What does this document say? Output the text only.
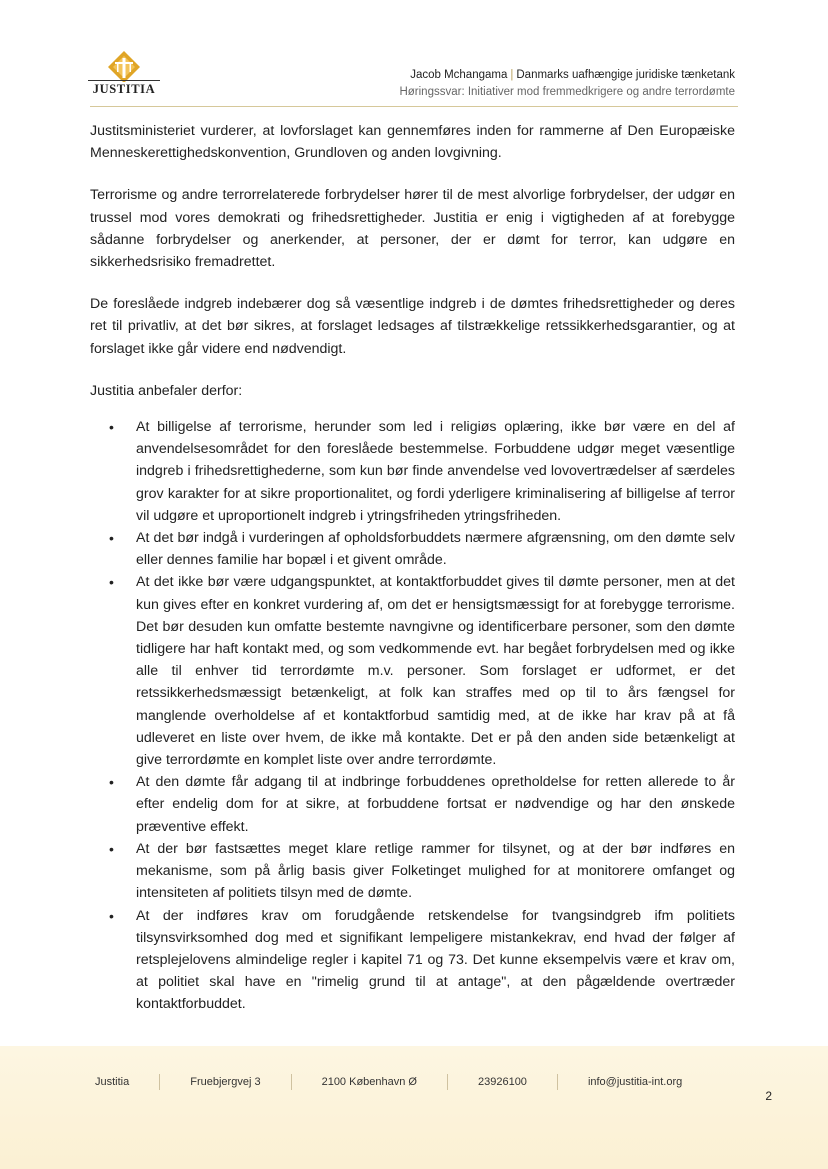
JUSTITIA
Jacob Mchangama | Danmarks uafhængige juridiske tænketank
Høringssvar: Initiativer mod fremmedkrigere og andre terrordømte

Justitsministeriet vurderer, at lovforslaget kan gennemføres inden for rammerne af Den Europæiske Menneskerettighedskonvention, Grundloven og anden lovgivning.

Terrorisme og andre terrorrelaterede forbrydelser hører til de mest alvorlige forbrydelser, der udgør en trussel mod vores demokrati og frihedsrettigheder. Justitia er enig i vigtigheden af at forebygge sådanne forbrydelser og anerkender, at personer, der er dømt for terror, kan udgøre en sikkerhedsrisiko fremadrettet.

De foreslåede indgreb indebærer dog så væsentlige indgreb i de dømtes frihedsrettigheder og deres ret til privatliv, at det bør sikres, at forslaget ledsages af tilstrækkelige retssikkerhedsgarantier, og at forslaget ikke går videre end nødvendigt.

Justitia anbefaler derfor:

• At billigelse af terrorisme, herunder som led i religiøs oplæring, ikke bør være en del af anvendelsesområdet for den foreslåede bestemmelse. Forbuddene udgør meget væsentlige indgreb i frihedsrettighederne, som kun bør finde anvendelse ved lovovertrædelser af særdeles grov karakter for at sikre proportionalitet, og fordi yderligere kriminalisering af billigelse af terror vil udgøre et uproportionelt indgreb i ytringsfriheden ytringsfriheden.
• At det bør indgå i vurderingen af opholdsforbuddets nærmere afgrænsning, om den dømte selv eller dennes familie har bopæl i et givent område.
• At det ikke bør være udgangspunktet, at kontaktforbuddet gives til dømte personer, men at det kun gives efter en konkret vurdering af, om det er hensigtsmæssigt for at forebygge terrorisme. Det bør desuden kun omfatte bestemte navngivne og identificerbare personer, som den dømte tidligere har haft kontakt med, og som vedkommende evt. har begået forbrydelsen med og ikke alle til enhver tid terrordømte m.v. personer. Som forslaget er udformet, er det retssikkerhedsmæssigt betænkeligt, at folk kan straffes med op til to års fængsel for manglende overholdelse af et kontaktforbud samtidig med, at de ikke har krav på at få udleveret en liste over hvem, de ikke må kontakte. Det er på den anden side betænkeligt at give terrordømte en komplet liste over andre terrordømte.
• At den dømte får adgang til at indbringe forbuddenes opretholdelse for retten allerede to år efter endelig dom for at sikre, at forbuddene fortsat er nødvendige og har den ønskede præventive effekt.
• At der bør fastsættes meget klare retlige rammer for tilsynet, og at der bør indføres en mekanisme, som på årlig basis giver Folketinget mulighed for at monitorere omfanget og intensiteten af politiets tilsyn med de dømte.
• At der indføres krav om forudgående retskendelse for tvangsindgreb ifm politiets tilsynsvirksomhed dog med et signifikant lempeligere mistankekrav, end hvad der følger af retsplejelovens almindelige regler i kapitel 71 og 73. Det kunne eksempelvis være et krav om, at politiet skal have en "rimelig grund til at antage", at den pågældende overtræder kontaktforbuddet.
Justitia	Fruebjergvej 3	2100 København Ø	23926100	info@justitia-int.org
2
